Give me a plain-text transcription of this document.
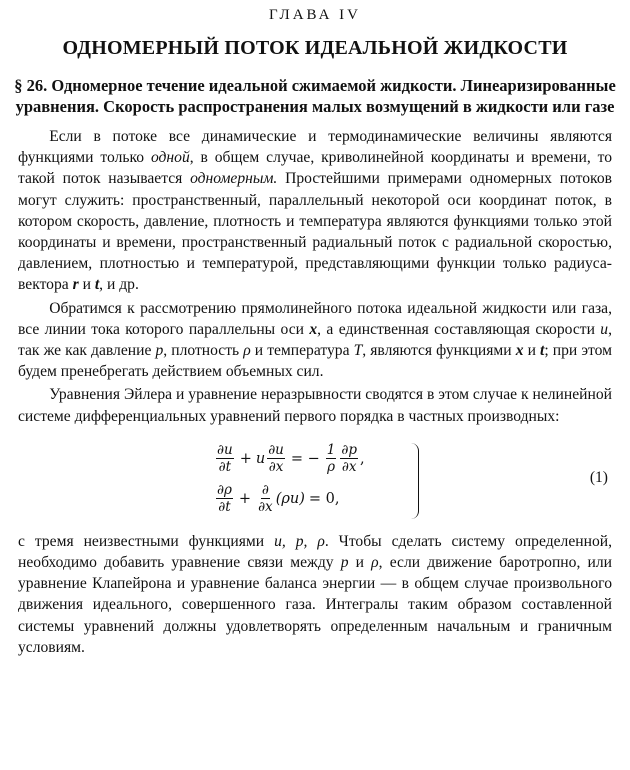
ГЛАВА IV
ОДНОМЕРНЫЙ ПОТОК ИДЕАЛЬНОЙ ЖИДКОСТИ
§ 26. Одномерное течение идеальной сжимаемой жидкости. Линеаризированные уравнения. Скорость распространения малых возмущений в жидкости или газе

Если в потоке все динамические и термодинамические величины являются функциями только одной, в общем случае, криволинейной координаты и времени, то такой поток называется одномерным. Простейшими примерами одномерных потоков могут служить: пространственный, параллельный некоторой оси координат поток, в котором скорость, давление, плотность и температура являются функциями только этой координаты и времени, пространственный радиальный поток с радиальной скоростью, давлением, плотностью и температурой, представляющими функции только радиуса-вектора r и t, и др.

Обратимся к рассмотрению прямолинейного потока идеальной жидкости или газа, все линии тока которого параллельны оси x, а единственная составляющая скорости u, так же как давление p, плотность ρ и температура T, являются функциями x и t; при этом будем пренебрегать действием объемных сил.

Уравнения Эйлера и уравнение неразрывности сводятся в этом случае к нелинейной системе дифференциальных уравнений первого порядка в частных производных:

$\frac{\partial u}{\partial t} + u \frac{\partial u}{\partial x}$ = − $\frac{1}{\rho} \frac{\partial p}{\partial x}$ ,
$\frac{\partial\rho}{\partial t} + \frac{\partial}{\partial x} (\rho u) = 0$,
(1)

с тремя неизвестными функциями u, p, ρ. Чтобы сделать систему определенной, необходимо добавить уравнение связи между p и ρ, если движение баротропно, или уравнение Клапейрона и уравнение баланса энергии — в общем случае произвольного движения идеального, совершенного газа. Интегралы таким образом составленной системы уравнений должны удовлетворять определенным начальным и граничным условиям.
